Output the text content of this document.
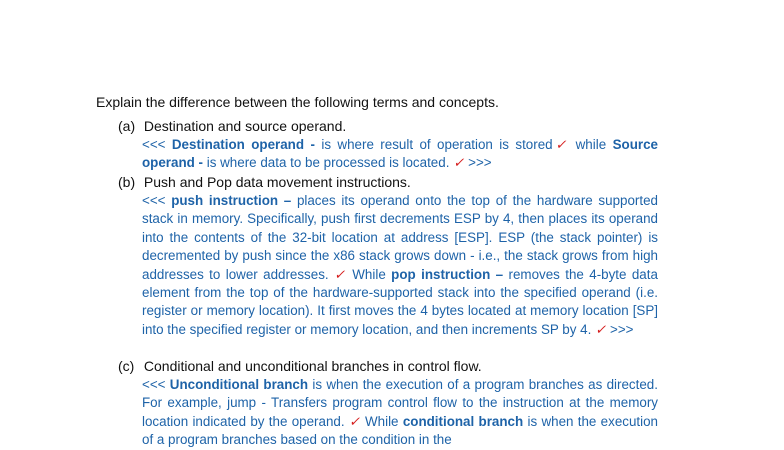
Explain the difference between the following terms and concepts.
(a) Destination and source operand.
<<< Destination operand - is where result of operation is stored✓ while Source operand - is where data to be processed is located. ✓ >>>
(b) Push and Pop data movement instructions.
<<< push instruction – places its operand onto the top of the hardware supported stack in memory. Specifically, push first decrements ESP by 4, then places its operand into the contents of the 32-bit location at address [ESP]. ESP (the stack pointer) is decremented by push since the x86 stack grows down - i.e., the stack grows from high addresses to lower addresses. ✓ While pop instruction – removes the 4-byte data element from the top of the hardware-supported stack into the specified operand (i.e. register or memory location). It first moves the 4 bytes located at memory location [SP] into the specified register or memory location, and then increments SP by 4. ✓ >>>
(c) Conditional and unconditional branches in control flow.
<<< Unconditional branch is when the execution of a program branches as directed. For example, jump - Transfers program control flow to the instruction at the memory location indicated by the operand. ✓ While conditional branch is when the execution of a program branches based on the condition in the
